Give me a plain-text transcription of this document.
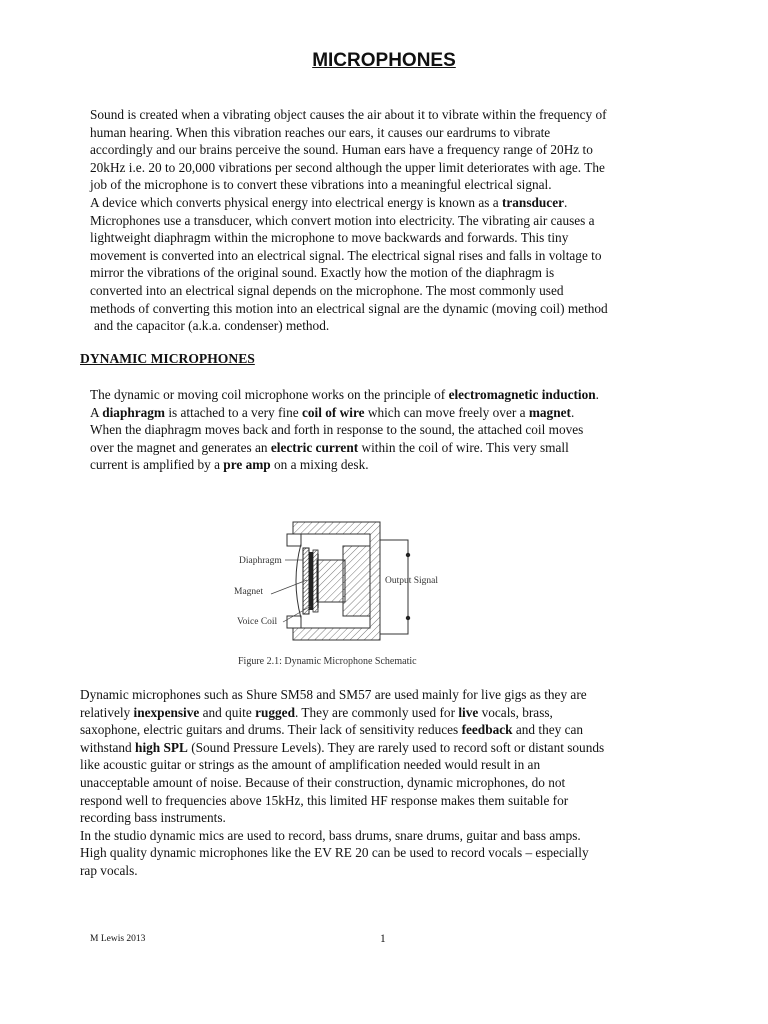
MICROPHONES

Sound is created when a vibrating object causes the air about it to vibrate within the frequency of
human hearing. When this vibration reaches our ears, it causes our eardrums to vibrate
accordingly and our brains perceive the sound. Human ears have a frequency range of 20Hz to
20kHz i.e. 20 to 20,000 vibrations per second although the upper limit deteriorates with age. The
job of the microphone is to convert these vibrations into a meaningful electrical signal.
A device which converts physical energy into electrical energy is known as a transducer.
Microphones use a transducer, which convert motion into electricity. The vibrating air causes a
lightweight diaphragm within the microphone to move backwards and forwards. This tiny
movement is converted into an electrical signal. The electrical signal rises and falls in voltage to
mirror the vibrations of the original sound. Exactly how the motion of the diaphragm is
converted into an electrical signal depends on the microphone. The most commonly used
methods of converting this motion into an electrical signal are the dynamic (moving coil) method
and the capacitor (a.k.a. condenser) method.

DYNAMIC MICROPHONES

The dynamic or moving coil microphone works on the principle of electromagnetic induction.
A diaphragm is attached to a very fine coil of wire which can move freely over a magnet.
When the diaphragm moves back and forth in response to the sound, the attached coil moves
over the magnet and generates an electric current within the coil of wire. This very small
current is amplified by a pre amp on a mixing desk.

Diaphragm
Magnet
Voice Coil
Output Signal
Figure 2.1: Dynamic Microphone Schematic

Dynamic microphones such as Shure SM58 and SM57 are used mainly for live gigs as they are
relatively inexpensive and quite rugged. They are commonly used for live vocals, brass,
saxophone, electric guitars and drums. Their lack of sensitivity reduces feedback and they can
withstand high SPL (Sound Pressure Levels). They are rarely used to record soft or distant sounds
like acoustic guitar or strings as the amount of amplification needed would result in an
unacceptable amount of noise. Because of their construction, dynamic microphones, do not
respond well to frequencies above 15kHz, this limited HF response makes them suitable for
recording bass instruments.
In the studio dynamic mics are used to record, bass drums, snare drums, guitar and bass amps.
High quality dynamic microphones like the EV RE 20 can be used to record vocals – especially
rap vocals.

M Lewis 2013	1
